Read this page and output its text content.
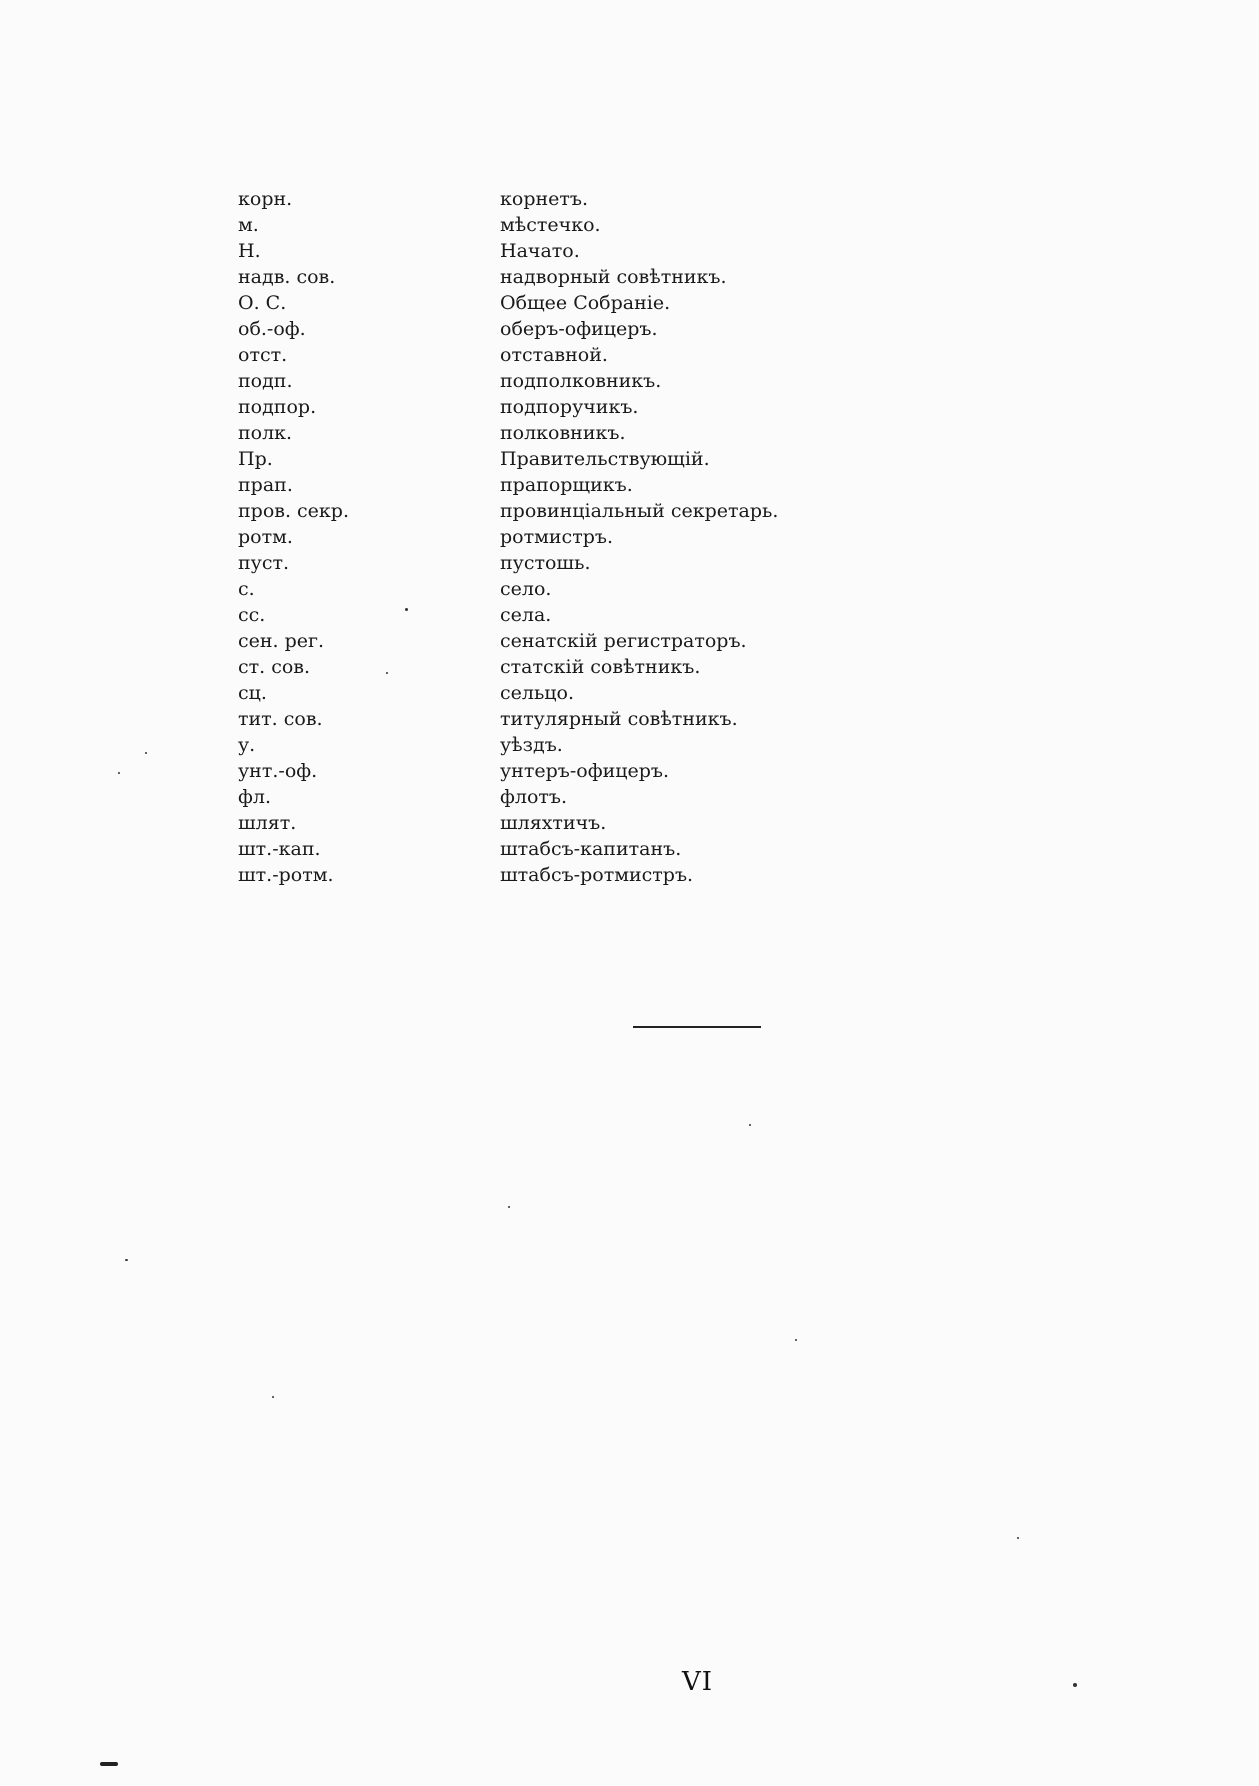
корн.	корнетъ.
м.	мѣстечко.
Н.	Начато.
надв. сов.	надворный совѣтникъ.
О. С.	Общее Собраніе.
об.-оф.	оберъ-офицеръ.
отст.	отставной.
подп.	подполковникъ.
подпор.	подпоручикъ.
полк.	полковникъ.
Пр.	Правительствующій.
прап.	прапорщикъ.
пров. секр.	провинціальный секретарь.
ротм.	ротмистръ.
пуст.	пустошь.
с.	село.
сс.	села.
сен. рег.	сенатскій регистраторъ.
ст. сов.	статскій совѣтникъ.
сц.	сельцо.
тит. сов.	титулярный совѣтникъ.
у.	уѣздъ.
унт.-оф.	унтеръ-офицеръ.
фл.	флотъ.
шлят.	шляхтичъ.
шт.-кап.	штабсъ-капитанъ.
шт.-ротм.	штабсъ-ротмистръ.
VI
